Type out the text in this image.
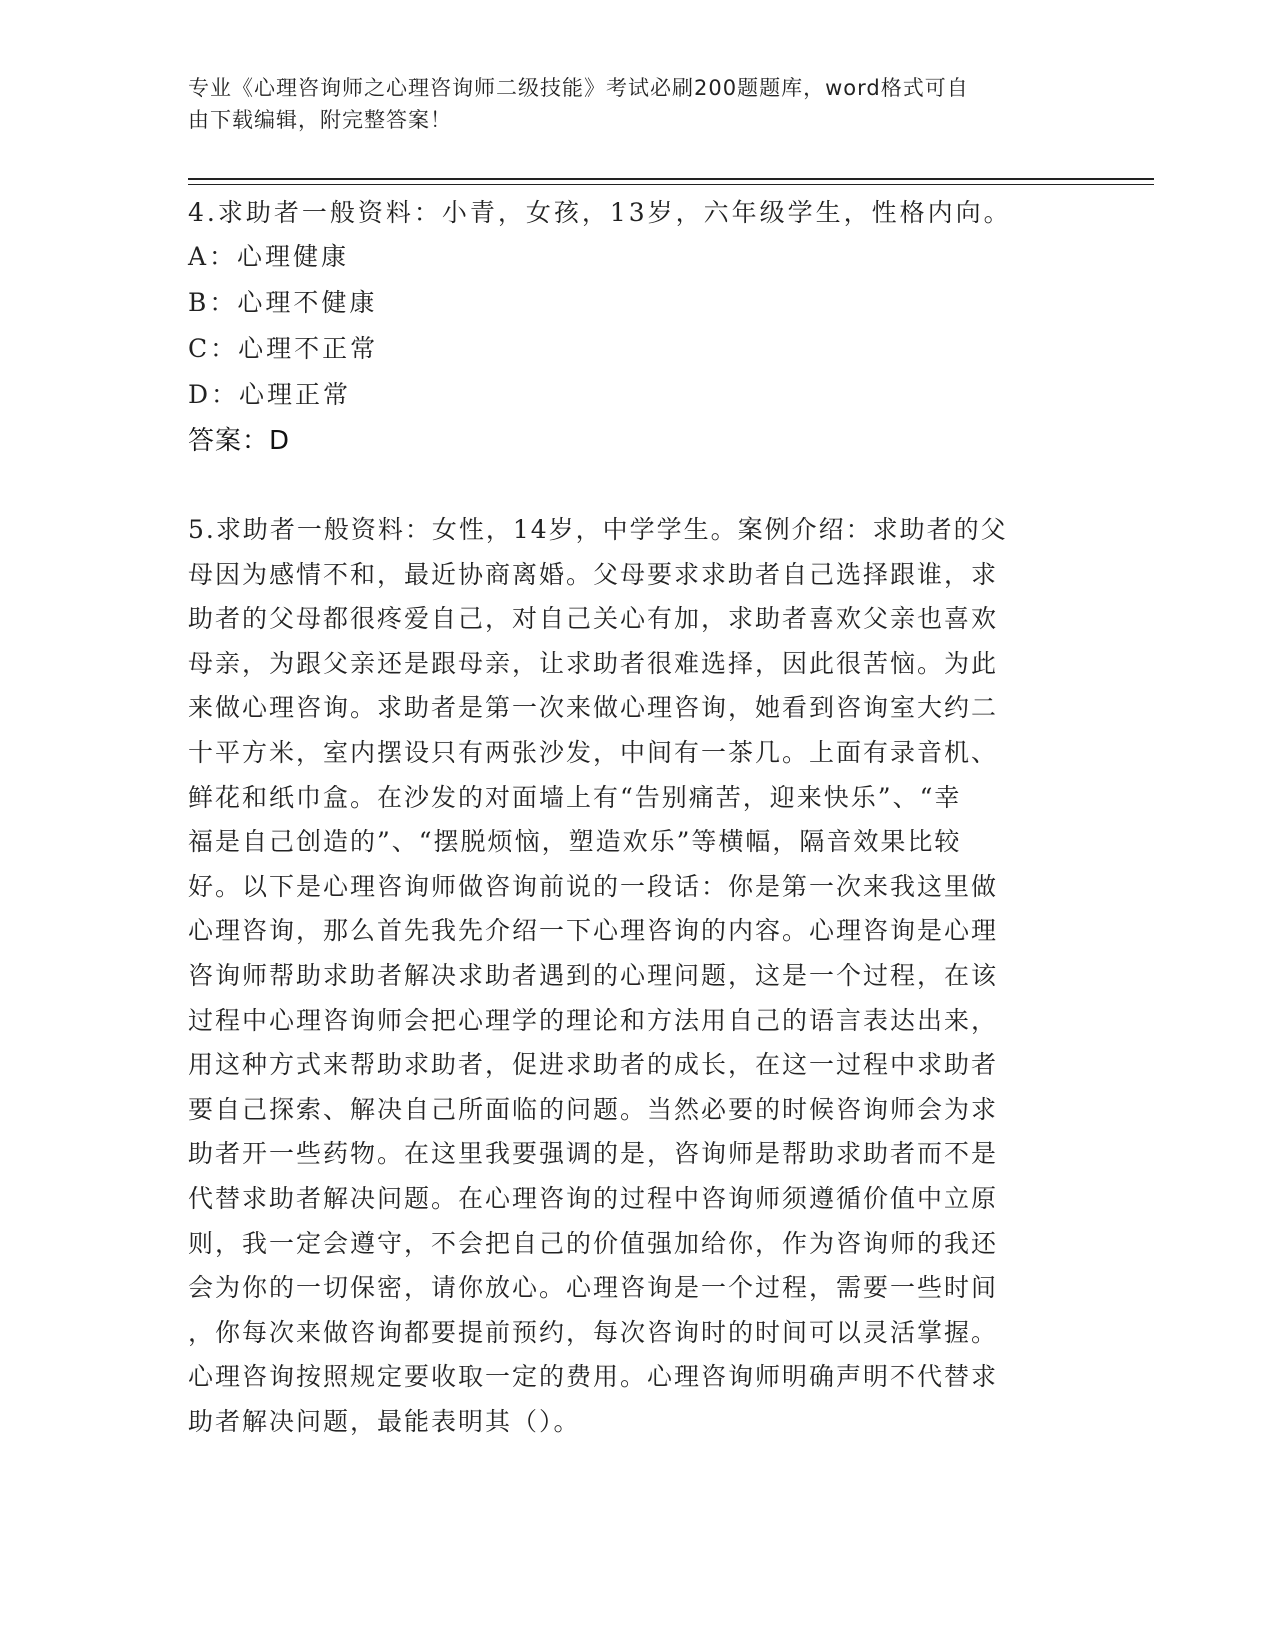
专业《心理咨询师之心理咨询师二级技能》考试必刷200题题库，word格式可自
由下载编辑，附完整答案！
4.求助者一般资料：小青，女孩，13岁，六年级学生，性格内向。
A：心理健康
B：心理不健康
C：心理不正常
D：心理正常
答案：D
5.求助者一般资料：女性，14岁，中学学生。案例介绍：求助者的父
母因为感情不和，最近协商离婚。父母要求求助者自己选择跟谁，求
助者的父母都很疼爱自己，对自己关心有加，求助者喜欢父亲也喜欢
母亲，为跟父亲还是跟母亲，让求助者很难选择，因此很苦恼。为此
来做心理咨询。求助者是第一次来做心理咨询，她看到咨询室大约二
十平方米，室内摆设只有两张沙发，中间有一茶几。上面有录音机、
鲜花和纸巾盒。在沙发的对面墙上有“告别痛苦，迎来快乐”、“幸
福是自己创造的”、“摆脱烦恼，塑造欢乐”等横幅，隔音效果比较
好。以下是心理咨询师做咨询前说的一段话：你是第一次来我这里做
心理咨询，那么首先我先介绍一下心理咨询的内容。心理咨询是心理
咨询师帮助求助者解决求助者遇到的心理问题，这是一个过程，在该
过程中心理咨询师会把心理学的理论和方法用自己的语言表达出来，
用这种方式来帮助求助者，促进求助者的成长，在这一过程中求助者
要自己探索、解决自己所面临的问题。当然必要的时候咨询师会为求
助者开一些药物。在这里我要强调的是，咨询师是帮助求助者而不是
代替求助者解决问题。在心理咨询的过程中咨询师须遵循价值中立原
则，我一定会遵守，不会把自己的价值强加给你，作为咨询师的我还
会为你的一切保密，请你放心。心理咨询是一个过程，需要一些时间
，你每次来做咨询都要提前预约，每次咨询时的时间可以灵活掌握。
心理咨询按照规定要收取一定的费用。心理咨询师明确声明不代替求
助者解决问题，最能表明其（）。
